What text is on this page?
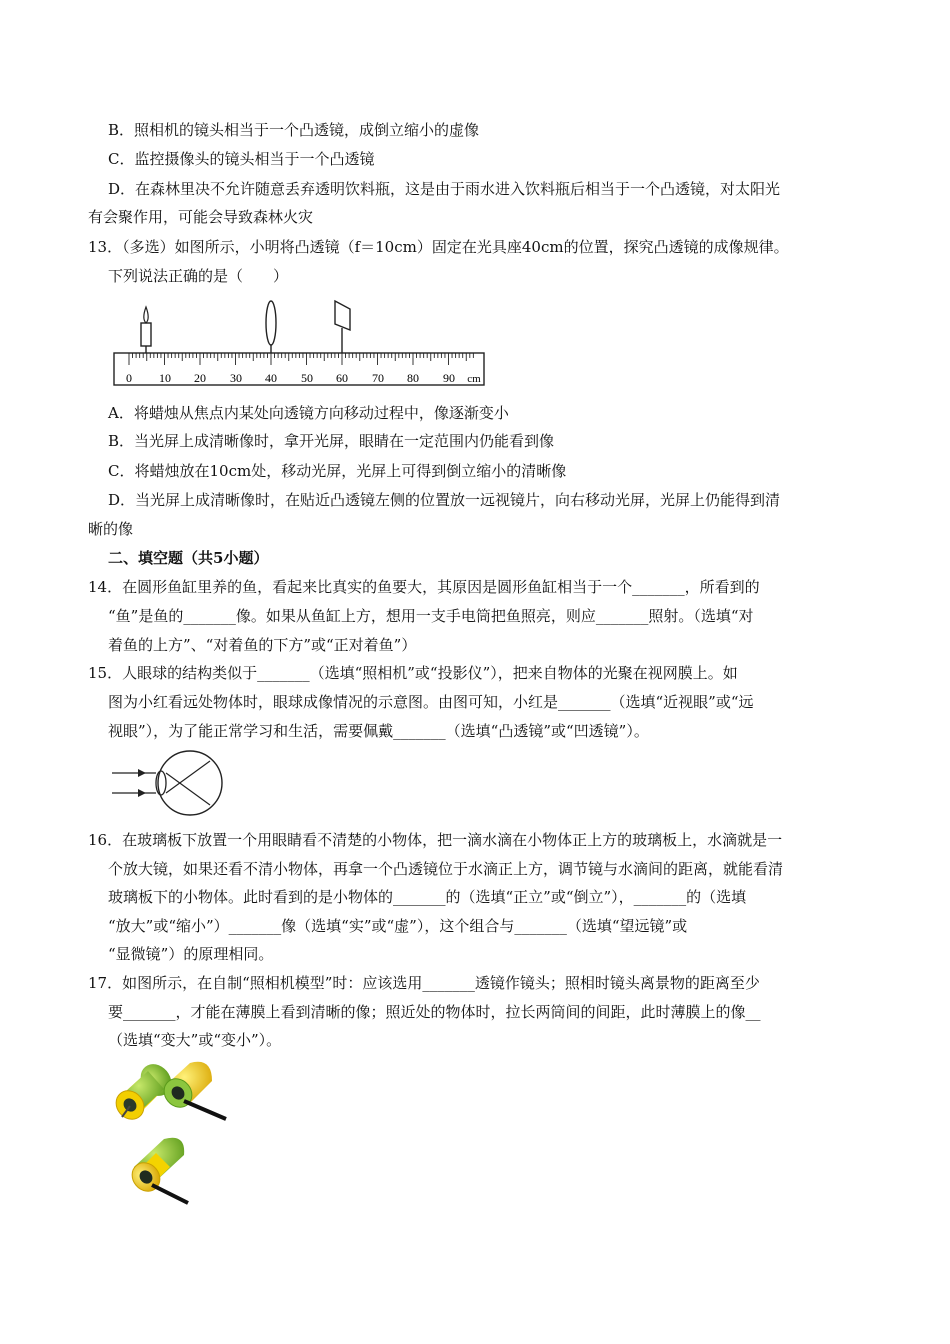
B．照相机的镜头相当于一个凸透镜，成倒立缩小的虚像
C．监控摄像头的镜头相当于一个凸透镜
D．在森林里决不允许随意丢弃透明饮料瓶，这是由于雨水进入饮料瓶后相当于一个凸透镜，对太阳光
有会聚作用，可能会导致森林火灾
13．（多选）如图所示，小明将凸透镜（f＝10cm）固定在光具座40cm的位置，探究凸透镜的成像规律。
下列说法正确的是（　　）
0 10 20 30 40 50 60 70 80 90 cm
A．将蜡烛从焦点内某处向透镜方向移动过程中，像逐渐变小
B．当光屏上成清晰像时，拿开光屏，眼睛在一定范围内仍能看到像
C．将蜡烛放在10cm处，移动光屏，光屏上可得到倒立缩小的清晰像
D．当光屏上成清晰像时，在贴近凸透镜左侧的位置放一远视镜片，向右移动光屏，光屏上仍能得到清
晰的像
二、填空题（共5小题）
14．在圆形鱼缸里养的鱼，看起来比真实的鱼要大，其原因是圆形鱼缸相当于一个_______，所看到的
“鱼”是鱼的_______像。如果从鱼缸上方，想用一支手电筒把鱼照亮，则应_______照射。（选填“对
着鱼的上方”、“对着鱼的下方”或“正对着鱼”）
15．人眼球的结构类似于_______（选填“照相机”或“投影仪”），把来自物体的光聚在视网膜上。如
图为小红看远处物体时，眼球成像情况的示意图。由图可知，小红是_______（选填“近视眼”或“远
视眼”），为了能正常学习和生活，需要佩戴_______（选填“凸透镜”或“凹透镜”）。
16．在玻璃板下放置一个用眼睛看不清楚的小物体，把一滴水滴在小物体正上方的玻璃板上，水滴就是一
个放大镜，如果还看不清小物体，再拿一个凸透镜位于水滴正上方，调节镜与水滴间的距离，就能看清
玻璃板下的小物体。此时看到的是小物体的_______的（选填“正立”或“倒立”），_______的（选填
“放大”或“缩小”）_______像（选填“实”或“虚”），这个组合与_______（选填“望远镜”或
“显微镜”）的原理相同。
17．如图所示，在自制“照相机模型”时：应该选用_______透镜作镜头；照相时镜头离景物的距离至少
要_______，才能在薄膜上看到清晰的像；照近处的物体时，拉长两筒间的间距，此时薄膜上的像__
（选填“变大”或“变小”）。
